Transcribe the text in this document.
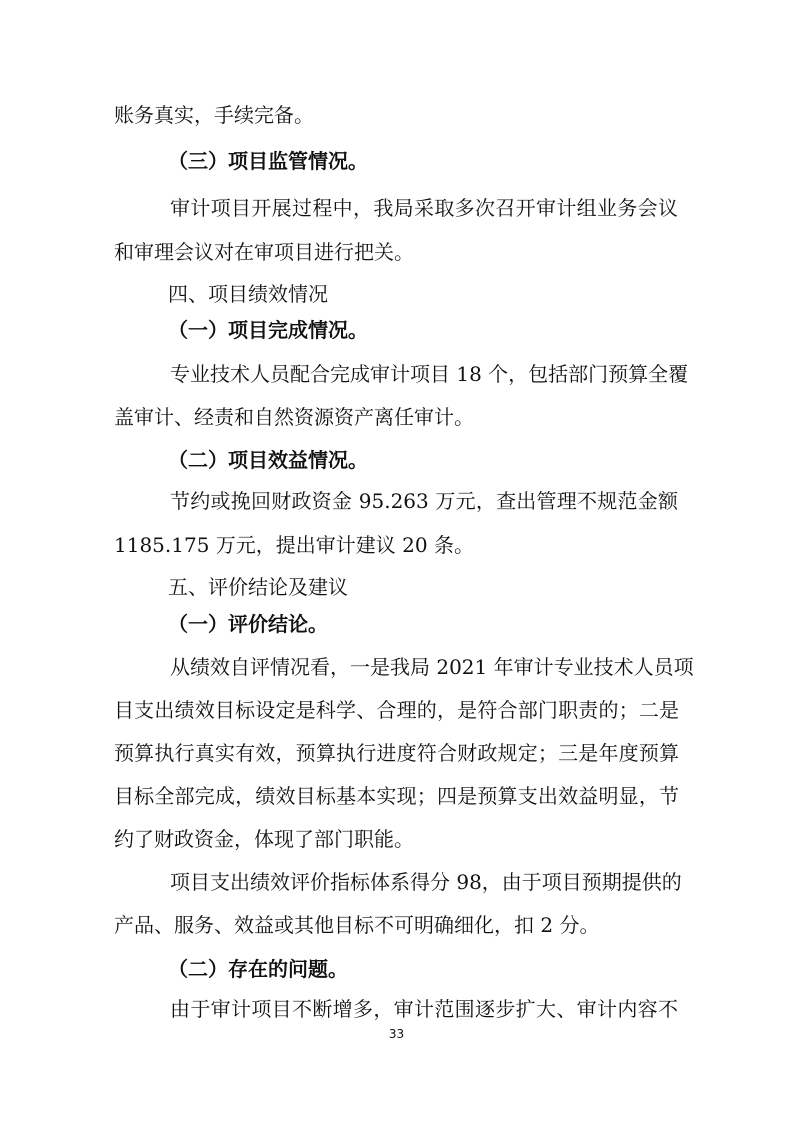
账务真实，手续完备。
（三）项目监管情况。
审计项目开展过程中，我局采取多次召开审计组业务会议
和审理会议对在审项目进行把关。
四、项目绩效情况
（一）项目完成情况。
专业技术人员配合完成审计项目 18 个，包括部门预算全覆
盖审计、经责和自然资源资产离任审计。
（二）项目效益情况。
节约或挽回财政资金 95.263 万元，查出管理不规范金额
1185.175 万元，提出审计建议 20 条。
五、评价结论及建议
（一）评价结论。
从绩效自评情况看，一是我局 2021 年审计专业技术人员项
目支出绩效目标设定是科学、合理的，是符合部门职责的；二是
预算执行真实有效，预算执行进度符合财政规定；三是年度预算
目标全部完成，绩效目标基本实现；四是预算支出效益明显，节
约了财政资金，体现了部门职能。
项目支出绩效评价指标体系得分 98，由于项目预期提供的
产品、服务、效益或其他目标不可明确细化，扣 2 分。
（二）存在的问题。
由于审计项目不断增多，审计范围逐步扩大、审计内容不
33
